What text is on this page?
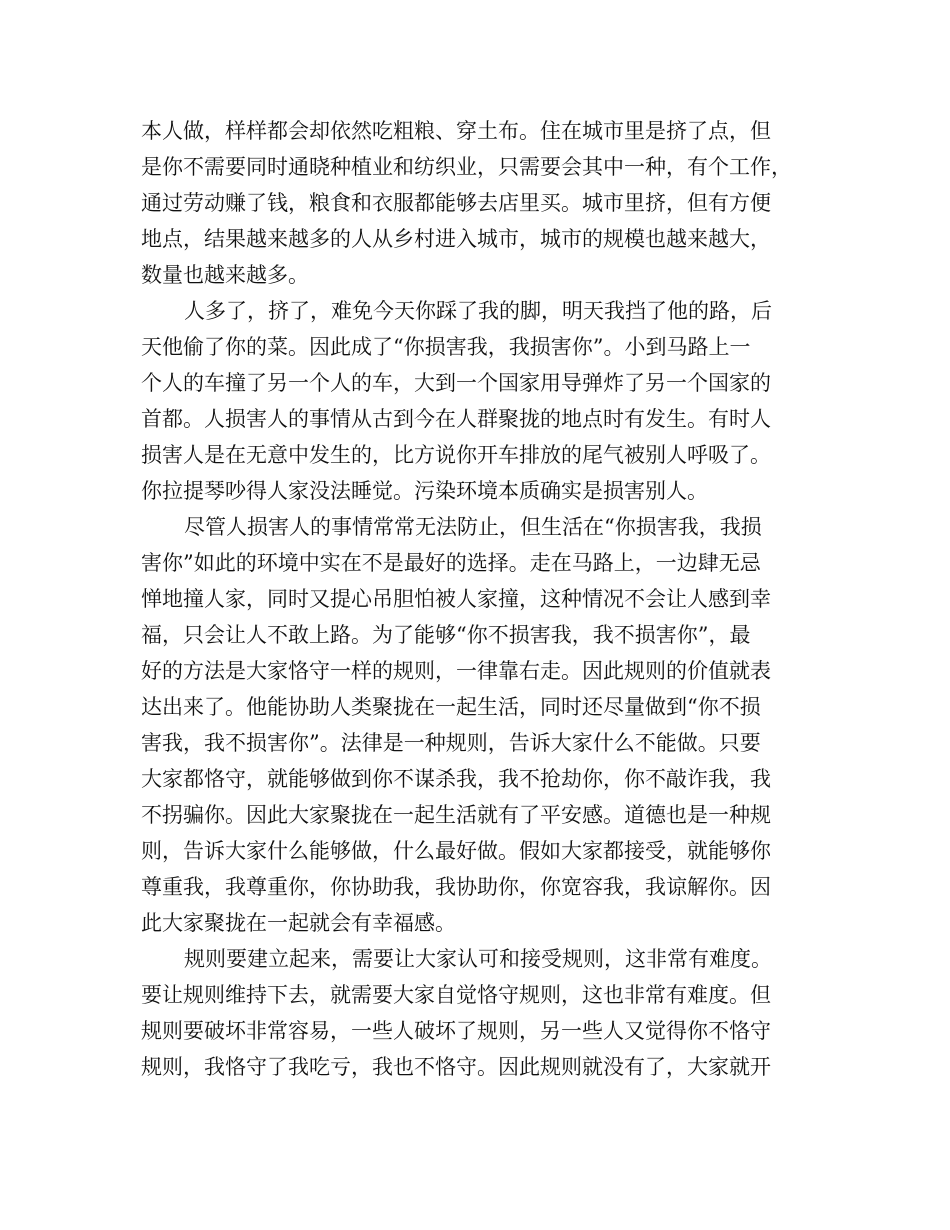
本人做，样样都会却依然吃粗粮、穿土布。住在城市里是挤了点，但
是你不需要同时通晓种植业和纺织业，只需要会其中一种，有个工作，
通过劳动赚了钱，粮食和衣服都能够去店里买。城市里挤，但有方便
地点，结果越来越多的人从乡村进入城市，城市的规模也越来越大，
数量也越来越多。
人多了，挤了，难免今天你踩了我的脚，明天我挡了他的路，后
天他偷了你的菜。因此成了“你损害我，我损害你”。小到马路上一
个人的车撞了另一个人的车，大到一个国家用导弹炸了另一个国家的
首都。人损害人的事情从古到今在人群聚拢的地点时有发生。有时人
损害人是在无意中发生的，比方说你开车排放的尾气被别人呼吸了。
你拉提琴吵得人家没法睡觉。污染环境本质确实是损害别人。
尽管人损害人的事情常常无法防止，但生活在“你损害我，我损
害你”如此的环境中实在不是最好的选择。走在马路上，一边肆无忌
惮地撞人家，同时又提心吊胆怕被人家撞，这种情况不会让人感到幸
福，只会让人不敢上路。为了能够“你不损害我，我不损害你”，最
好的方法是大家恪守一样的规则，一律靠右走。因此规则的价值就表
达出来了。他能协助人类聚拢在一起生活，同时还尽量做到“你不损
害我，我不损害你”。法律是一种规则，告诉大家什么不能做。只要
大家都恪守，就能够做到你不谋杀我，我不抢劫你，你不敲诈我，我
不拐骗你。因此大家聚拢在一起生活就有了平安感。道德也是一种规
则，告诉大家什么能够做，什么最好做。假如大家都接受，就能够你
尊重我，我尊重你，你协助我，我协助你，你宽容我，我谅解你。因
此大家聚拢在一起就会有幸福感。
规则要建立起来，需要让大家认可和接受规则，这非常有难度。
要让规则维持下去，就需要大家自觉恪守规则，这也非常有难度。但
规则要破坏非常容易，一些人破坏了规则，另一些人又觉得你不恪守
规则，我恪守了我吃亏，我也不恪守。因此规则就没有了，大家就开
